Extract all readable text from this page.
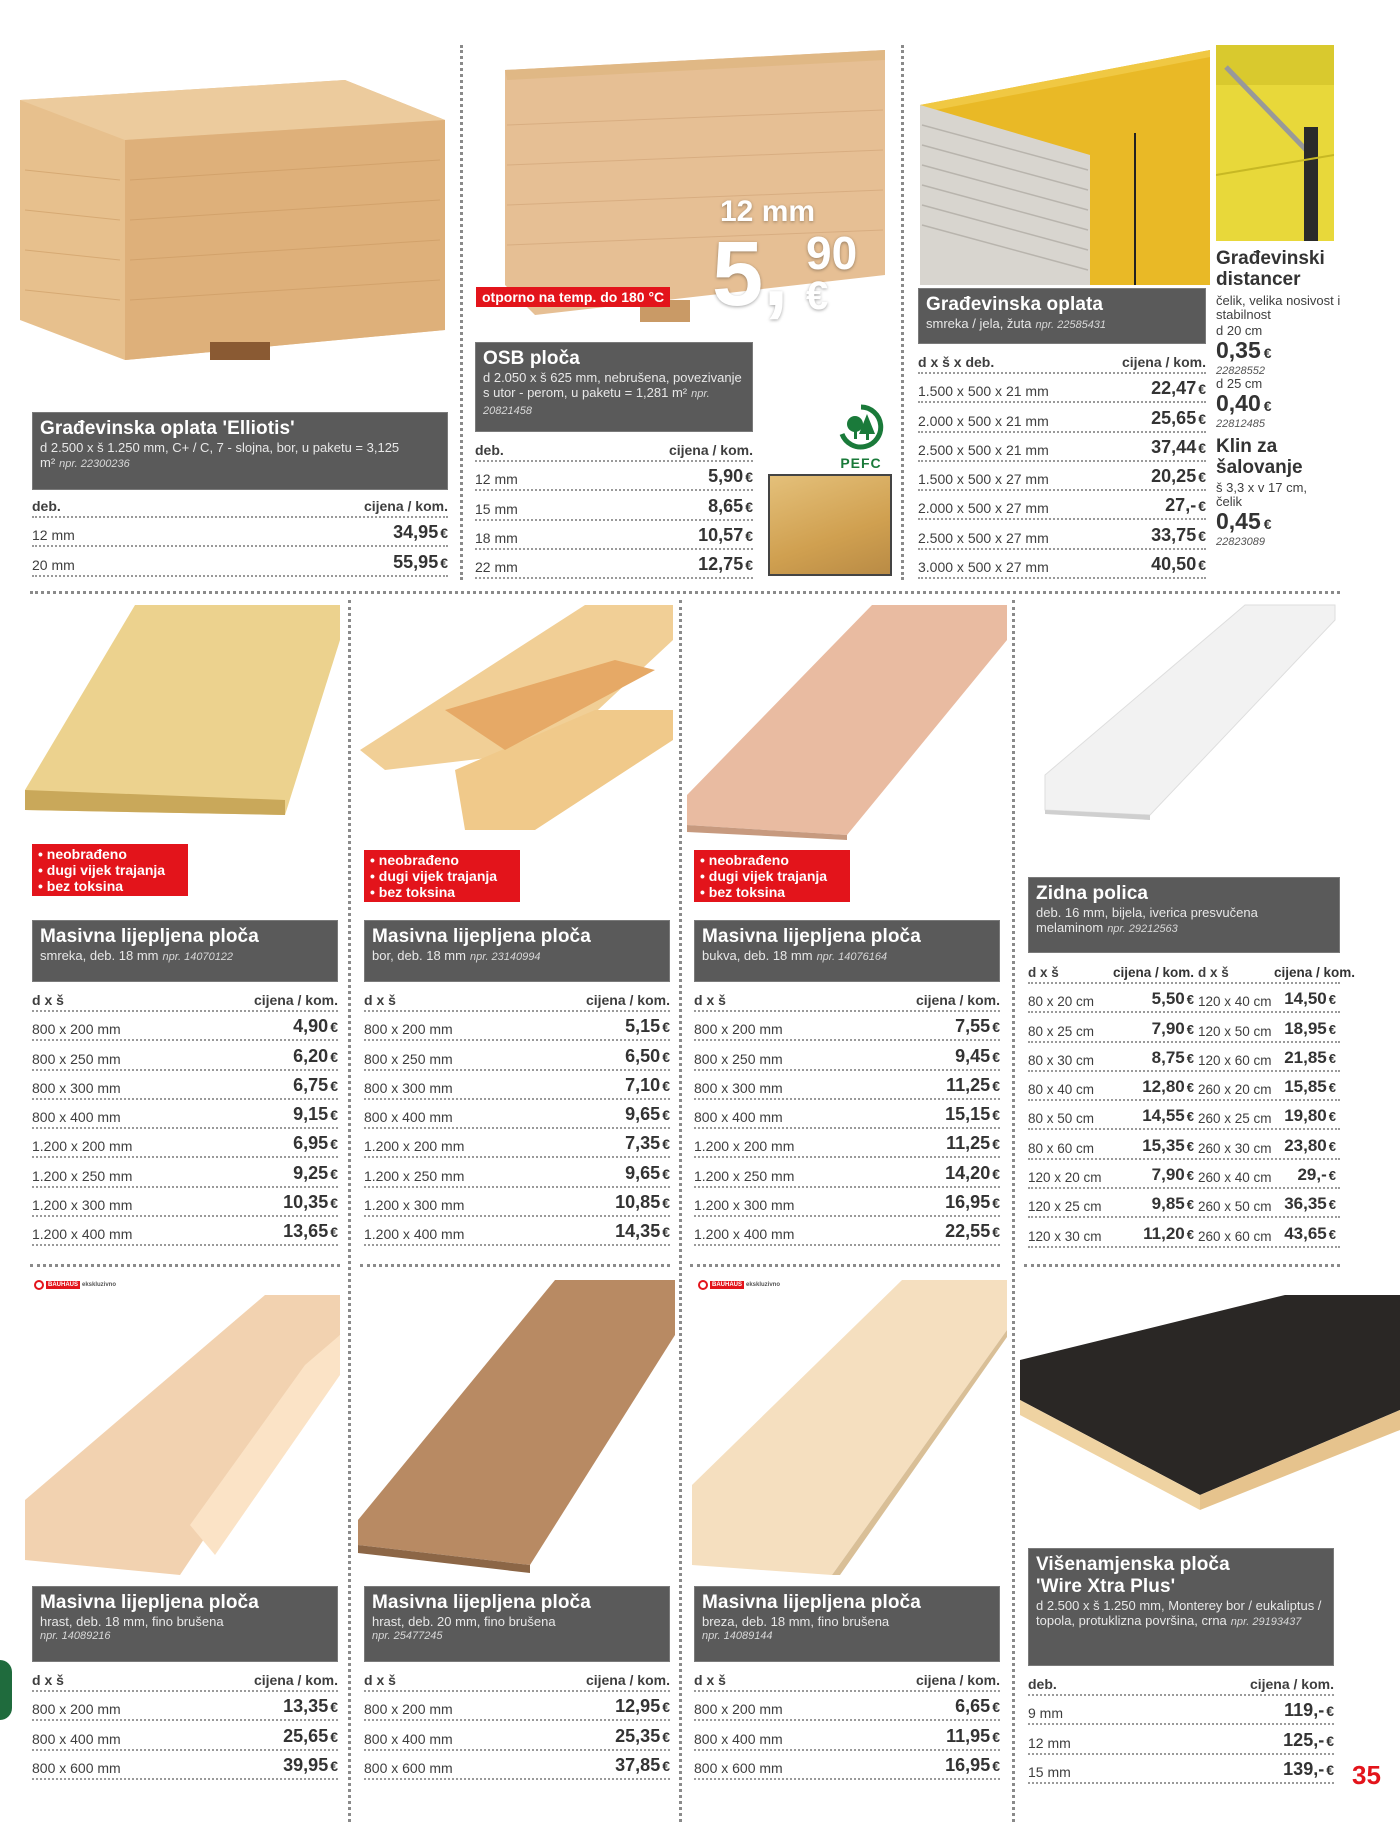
Građevinska oplata 'Elliotis'
d 2.500 x š 1.250 mm, C+ / C, 7 - slojna, bor, u paketu = 3,125 m² npr. 22300236
deb.	cijena / kom.
12 mm	34,95 €
20 mm	55,95 €
12 mm
5, 90
€
otporno na temp. do 180 °C
OSB ploča
d 2.050 x š 625 mm, nebrušena, povezivanje s utor - perom, u paketu = 1,281 m² npr. 20821458
deb.	cijena / kom.
12 mm	5,90 €
15 mm	8,65 €
18 mm	10,57 €
22 mm	12,75 €
PEFC
Građevinska oplata
smreka / jela, žuta npr. 22585431
d x š x deb.	cijena / kom.
1.500 x 500 x 21 mm	22,47 €
2.000 x 500 x 21 mm	25,65 €
2.500 x 500 x 21 mm	37,44 €
1.500 x 500 x 27 mm	20,25 €
2.000 x 500 x 27 mm	27,- €
2.500 x 500 x 27 mm	33,75 €
3.000 x 500 x 27 mm	40,50 €
Građevinski distancer
čelik, velika nosivost i stabilnost
d 20 cm
0,35 €
22828552
d 25 cm
0,40 €
22812485
Klin za šalovanje
š 3,3 x v 17 cm, čelik
0,45 €
22823089
• neobrađeno
• dugi vijek trajanja
• bez toksina
Masivna lijepljena ploča
smreka, deb. 18 mm npr. 14070122
d x š	cijena / kom.
800 x 200 mm	4,90 €
800 x 250 mm	6,20 €
800 x 300 mm	6,75 €
800 x 400 mm	9,15 €
1.200 x 200 mm	6,95 €
1.200 x 250 mm	9,25 €
1.200 x 300 mm	10,35 €
1.200 x 400 mm	13,65 €
• neobrađeno
• dugi vijek trajanja
• bez toksina
Masivna lijepljena ploča
bor, deb. 18 mm npr. 23140994
d x š	cijena / kom.
800 x 200 mm	5,15 €
800 x 250 mm	6,50 €
800 x 300 mm	7,10 €
800 x 400 mm	9,65 €
1.200 x 200 mm	7,35 €
1.200 x 250 mm	9,65 €
1.200 x 300 mm	10,85 €
1.200 x 400 mm	14,35 €
• neobrađeno
• dugi vijek trajanja
• bez toksina
Masivna lijepljena ploča
bukva, deb. 18 mm npr. 14076164
d x š	cijena / kom.
800 x 200 mm	7,55 €
800 x 250 mm	9,45 €
800 x 300 mm	11,25 €
800 x 400 mm	15,15 €
1.200 x 200 mm	11,25 €
1.200 x 250 mm	14,20 €
1.200 x 300 mm	16,95 €
1.200 x 400 mm	22,55 €
Zidna polica
deb. 16 mm, bijela, iverica presvučena melaminom npr. 29212563
d x š	cijena / kom. d x š	cijena / kom.
80 x 20 cm	5,50 € 120 x 40 cm 14,50 €
80 x 25 cm	7,90 € 120 x 50 cm 18,95 €
80 x 30 cm	8,75 € 120 x 60 cm 21,85 €
80 x 40 cm	12,80 € 260 x 20 cm 15,85 €
80 x 50 cm	14,55 € 260 x 25 cm 19,80 €
80 x 60 cm	15,35 € 260 x 30 cm 23,80 €
120 x 20 cm	7,90 € 260 x 40 cm	29,- €
120 x 25 cm	9,85 € 260 x 50 cm 36,35 €
120 x 30 cm	11,20 € 260 x 60 cm 43,65 €
BAUHAUS ekskluzivno	BAUHAUS ekskluzivno
Masivna lijepljena ploča
hrast, deb. 18 mm, fino brušena
npr. 14089216
d x š	cijena / kom.
800 x 200 mm	13,35 €
800 x 400 mm	25,65 €
800 x 600 mm	39,95 €
Masivna lijepljena ploča
hrast, deb. 20 mm, fino brušena
npr. 25477245
d x š	cijena / kom.
800 x 200 mm	12,95 €
800 x 400 mm	25,35 €
800 x 600 mm	37,85 €
Masivna lijepljena ploča
breza, deb. 18 mm, fino brušena
npr. 14089144
d x š	cijena / kom.
800 x 200 mm	6,65 €
800 x 400 mm	11,95 €
800 x 600 mm	16,95 €
Višenamjenska ploča
'Wire Xtra Plus'
d 2.500 x š 1.250 mm, Monterey bor / eukaliptus / topola, protuklizna površina, crna npr. 29193437
deb.	cijena / kom.
9 mm	119,- €
12 mm	125,- €
15 mm	139,- € 35
